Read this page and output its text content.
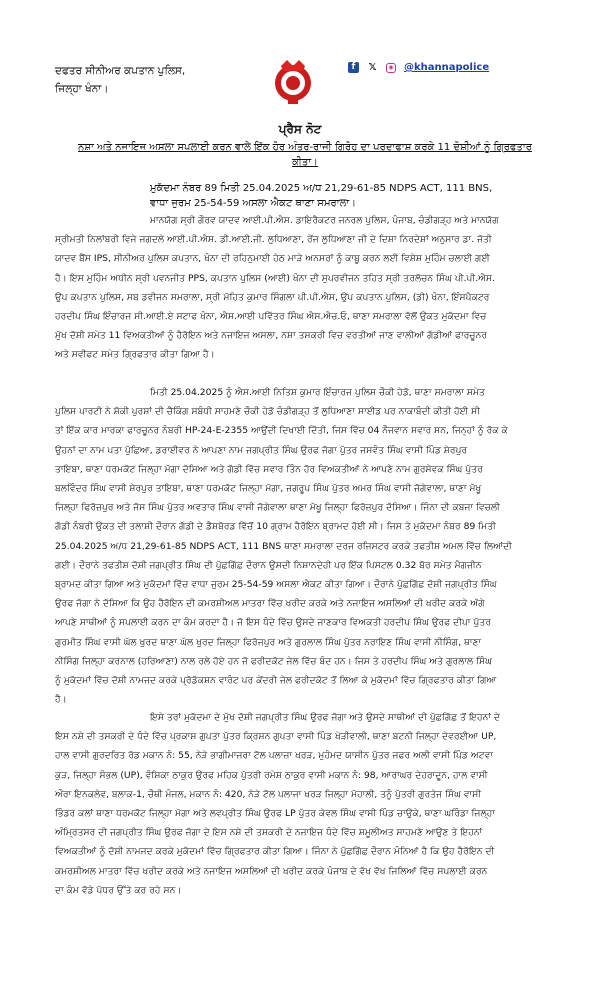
ਦਫਤਰ ਸੀਨੀਅਰ ਕਪਤਾਨ ਪੁਲਿਸ,
ਜਿਲ੍ਹਾ ਖੰਨਾ।
f	𝕏	◉ @khannapolice
ਪ੍ਰੈਸ ਨੋਟ
ਨਸ਼ਾ ਅਤੇ ਨਜਾਇਜ ਅਸਲਾ ਸਪਲਾਈ ਕਰਨ ਵਾਲੇ ਇੱਕ ਹੋਰ ਅੰਤਰ-ਰਾਜੀ ਗਿਰੋਹ ਦਾ ਪਰਦਾਫਾਸ਼ ਕਰਕੇ 11 ਦੋਸ਼ੀਆਂ ਨੂੰ ਗ੍ਰਿਫਤਾਰ
ਕੀਤਾ।
ਮੁਕੱਦਮਾ ਨੰਬਰ 89 ਮਿਤੀ 25.04.2025 ਅ/ਧ 21,29-61-85 NDPS ACT, 111 BNS,
ਵਾਧਾ ਜੁਰਮ 25-54-59 ਅਸਲਾ ਐਕਟ ਥਾਣਾ ਸਮਰਾਲਾ।
ਮਾਨਯੋਗ ਸ੍ਰੀ ਗੌਰਵ ਯਾਦਵ ਆਈ.ਪੀ.ਐਸ. ਡਾਇਰੈਕਟਰ ਜਨਰਲ ਪੁਲਿਸ, ਪੰਜਾਬ, ਚੰਡੀਗੜ੍ਹ ਅਤੇ ਮਾਨਯੋਗ
ਸ੍ਰੀਮਤੀ ਨਿਲਾਂਬਰੀ ਵਿਜੇ ਜਗਦਲੇ ਆਈ.ਪੀ.ਐਸ. ਡੀ.ਆਈ.ਜੀ. ਲੁਧਿਆਣਾ, ਰੇਂਜ ਲੁਧਿਆਣਾ ਜੀ ਦੇ ਦਿਸ਼ਾ ਨਿਰਦੇਸ਼ਾਂ ਅਨੁਸਾਰ ਡਾ. ਜੋਤੀ
ਯਾਦਵ ਬੈਂਸ IPS, ਸੀਨੀਅਰ ਪੁਲਿਸ ਕਪਤਾਨ, ਖੰਨਾ ਦੀ ਰਹਿਨੁਮਾਈ ਹੇਠ ਮਾੜੇ ਅਨਸਰਾਂ ਨੂੰ ਕਾਬੂ ਕਰਨ ਲਈ ਵਿਸ਼ੇਸ਼ ਮੁਹਿੰਮ ਚਲਾਈ ਗਈ
ਹੈ। ਇਸ ਮੁਹਿੰਮ ਅਧੀਨ ਸ੍ਰੀ ਪਵਨਜੀਤ PPS, ਕਪਤਾਨ ਪੁਲਿਸ (ਆਈ) ਖੰਨਾ ਦੀ ਸੁਪਰਵੀਜਨ ਤਹਿਤ ਸ੍ਰੀ ਤਰਲੋਚਨ ਸਿੰਘ ਪੀ.ਪੀ.ਐਸ.
ਉਪ ਕਪਤਾਨ ਪੁਲਿਸ, ਸਬ ਡਵੀਜਨ ਸਮਰਾਲਾ, ਸ੍ਰੀ ਮੋਹਿਤ ਕੁਮਾਰ ਸਿੰਗਲਾ ਪੀ.ਪੀ.ਐਸ, ਉਪ ਕਪਤਾਨ ਪੁਲਿਸ, (ਡੀ) ਖੰਨਾ, ਇੰਸਪੈਕਟਰ
ਹਰਦੀਪ ਸਿੰਘ ਇੰਚਾਰਜ ਸੀ.ਆਈ.ਏ ਸਟਾਫ ਖੰਨਾ, ਐਸ.ਆਈ ਪਵਿੱਤਰ ਸਿੰਘ ਐਸ.ਐਚ.ਓ, ਥਾਣਾ ਸਮਰਾਲਾ ਵੱਲੋਂ ਉਕਤ ਮੁਕੱਦਮਾ ਵਿਚ
ਮੁੱਖ ਦੋਸ਼ੀ ਸਮੇਤ 11 ਵਿਅਕਤੀਆਂ ਨੂੰ ਹੈਰੋਇਨ ਅਤੇ ਨਜਾਇਜ ਅਸਲਾ, ਨਸ਼ਾ ਤਸਕਰੀ ਵਿਚ ਵਰਤੀਆਂ ਜਾਣ ਵਾਲੀਆਂ ਗੱਡੀਆਂ ਫਾਰਚੂਨਰ
ਅਤੇ ਸਵੀਫਟ ਸਮੇਤ ਗ੍ਰਿਫਤਾਰ ਕੀਤਾ ਗਿਆ ਹੈ।
ਮਿਤੀ 25.04.2025 ਨੂੰ ਐਸ.ਆਈ ਨਿਤਿਸ਼ ਕੁਮਾਰ ਇੰਚਾਰਜ ਪੁਲਿਸ ਚੌਕੀ ਹੇਡੋ, ਥਾਣਾ ਸਮਰਾਲਾ ਸਮੇਤ
ਪੁਲਿਸ ਪਾਰਟੀ ਨੇ ਸ਼ੱਕੀ ਪੁਰਸ਼ਾਂ ਦੀ ਚੈਕਿੰਗ ਸਬੰਧੀ ਸਾਹਮਣੇ ਚੌਕੀ ਹੇਡੋ ਚੰਡੀਗੜ੍ਹ ਤੋਂ ਲੁਧਿਆਣਾ ਸਾਈਡ ਪਰ ਨਾਕਾਬੰਦੀ ਕੀਤੀ ਹੋਈ ਸੀ
ਤਾਂ ਇੱਕ ਕਾਰ ਮਾਰਕਾ ਫਾਰਚੂਨਰ ਨੰਬਰੀ HP-24-E-2355 ਆਉਂਦੀ ਦਿਖਾਈ ਦਿੱਤੀ, ਜਿਸ ਵਿੱਚ 04 ਨੌਜਵਾਨ ਸਵਾਰ ਸਨ, ਜਿਨ੍ਹਾਂ ਨੂੰ ਰੋਕ ਕੇ
ਉਹਨਾਂ ਦਾ ਨਾਮ ਪਤਾ ਪੁੱਛਿਆ, ਡਰਾਈਵਰ ਨੇ ਆਪਣਾ ਨਾਮ ਜਗਪ੍ਰੀਤ ਸਿੰਘ ਉਰਫ ਜੱਗਾ ਪੁੱਤਰ ਜਸਵੰਤ ਸਿੰਘ ਵਾਸੀ ਪਿੰਡ ਸ਼ੇਰਪੁਰ
ਤਾਇਬਾ, ਥਾਣਾ ਧਰਮਕੋਟ ਜਿਲ੍ਹਾ ਮੋਗਾ ਦੱਸਿਆ ਅਤੇ ਗੱਡੀ ਵਿੱਚ ਸਵਾਰ ਤਿੰਨ ਹੋਰ ਵਿਅਕਤੀਆਂ ਨੇ ਆਪਣੇ ਨਾਮ ਗੁਰਸੇਵਕ ਸਿੰਘ ਪੁੱਤਰ
ਬਲਵਿੰਦਰ ਸਿੰਘ ਵਾਸੀ ਸ਼ੇਰਪੁਰ ਤਾਇਬਾ, ਥਾਣਾ ਧਰਮਕੋਟ ਜਿਲ੍ਹਾ ਮੋਗਾ, ਜਗਰੂਪ ਸਿੰਘ ਪੁੱਤਰ ਅਮਰ ਸਿੰਘ ਵਾਸੀ ਜੋਗੇਵਾਲਾ, ਥਾਣਾ ਮੱਖੂ
ਜਿਲ੍ਹਾ ਫਿਰੋਜ਼ਪੁਰ ਅਤੇ ਜੱਸ ਸਿੰਘ ਪੁੱਤਰ ਅਵਤਾਰ ਸਿੰਘ ਵਾਸੀ ਜੋਗੇਵਾਲਾ ਥਾਣਾ ਮੱਖੂ ਜਿਲ੍ਹਾ ਫਿਰੋਜ਼ਪੁਰ ਦੱਸਿਆ। ਜਿੰਨਾ ਦੀ ਕਬਜਾ ਵਿਚਲੀ
ਗੱਡੀ ਨੰਬਰੀ ਉਕਤ ਦੀ ਤਲਾਸ਼ੀ ਦੌਰਾਨ ਗੱਡੀ ਦੇ ਡੈਸ਼ਬੋਰਡ ਵਿੱਚੋਂ 10 ਗ੍ਰਾਮ ਹੈਰੋਇਨ ਬ੍ਰਾਮਦ ਹੋਈ ਸੀ। ਜਿਸ ਤੇ ਮੁਕੱਦਮਾ ਨੰਬਰ 89 ਮਿਤੀ
25.04.2025 ਅ/ਧ 21,29-61-85 NDPS ACT, 111 BNS ਥਾਣਾ ਸਮਰਾਲਾ ਦਰਜ ਰਜਿਸਟਰ ਕਰਕੇ ਤਫਤੀਸ਼ ਅਮਲ ਵਿੱਚ ਲਿਆਂਦੀ
ਗਈ। ਦੌਰਾਨੇ ਤਫਤੀਸ਼ ਦੋਸ਼ੀ ਜਗਪ੍ਰੀਤ ਸਿੰਘ ਦੀ ਪੁੱਛਗਿੱਛ ਦੌਰਾਨ ਉਸਦੀ ਨਿਸ਼ਾਨਦੇਹੀ ਪਰ ਇੱਕ ਪਿਸਟਲ 0.32 ਬੋਰ ਸਮੇਤ ਮੈਗਜੀਨ
ਬ੍ਰਾਮਦ ਕੀਤਾ ਗਿਆ ਅਤੇ ਮੁਕੱਦਮਾਂ ਵਿੱਚ ਵਾਧਾ ਜੁਰਮ 25-54-59 ਅਸਲਾ ਐਕਟ ਕੀਤਾ ਗਿਆ। ਦੌਰਾਨੇ ਪੁੱਛਗਿੱਛ ਦੋਸ਼ੀ ਜਗਪ੍ਰੀਤ ਸਿੰਘ
ਉਰਫ ਜੱਗਾ ਨੇ ਦੱਸਿਆ ਕਿ ਉਹ ਹੈਰੋਇਨ ਦੀ ਕਮਰਸ਼ੀਅਲ ਮਾਤਰਾ ਵਿੱਚ ਖਰੀਦ ਕਰਕੇ ਅਤੇ ਨਜਾਇਜ ਅਸਲਿਆਂ ਦੀ ਖਰੀਦ ਕਰਕੇ ਅੱਗੇ
ਆਪਣੇ ਸਾਥੀਆਂ ਨੂੰ ਸਪਲਾਈ ਕਰਨ ਦਾ ਕੰਮ ਕਰਦਾ ਹੈ। ਜੋ ਇਸ ਧੰਦੇ ਵਿੱਚ ਉਸਦੇ ਜਾਣਕਾਰ ਵਿਅਕਤੀ ਹਰਦੀਪ ਸਿੰਘ ਉਰਫ ਦੀਪਾ ਪੁੱਤਰ
ਗੁਰਮੀਤ ਸਿੰਘ ਵਾਸੀ ਘੱਲ ਖੁਰਦ ਥਾਣਾ ਘੱਲ ਖੁਰਦ ਜਿਲ੍ਹਾ ਫਿਰੋਜਪੁਰ ਅਤੇ ਗੁਰਲਾਲ ਸਿੰਘ ਪੁੱਤਰ ਨਰਾਇਣ ਸਿੰਘ ਵਾਸੀ ਨੀਸਿੰਗ, ਥਾਣਾ
ਨੀਸਿੰਗ ਜਿਲ੍ਹਾ ਕਰਨਾਲ (ਹਰਿਆਣਾ) ਨਾਲ ਰਲੇ ਹੋਏ ਹਨ ਜੋ ਫਰੀਦਕੋਟ ਜੇਲ ਵਿੱਚ ਬੰਦ ਹਨ। ਜਿਸ ਤੇ ਹਰਦੀਪ ਸਿੰਘ ਅਤੇ ਗੁਰਲਾਲ ਸਿੰਘ
ਨੂੰ ਮੁਕੱਦਮਾਂ ਵਿੱਚ ਦੋਸ਼ੀ ਨਾਮਜਦ ਕਰਕੇ ਪ੍ਰੋਡੱਕਸ਼ਨ ਵਾਰੰਟ ਪਰ ਕੇਂਦਰੀ ਜੇਲ ਫਰੀਦਕੋਟ ਤੋਂ ਲਿਆ ਕੇ ਮੁਕੱਦਮਾਂ ਵਿੱਚ ਗ੍ਰਿਫਤਾਰ ਕੀਤਾ ਗਿਆ
ਹੈ।
ਇਸੇ ਤਰਾਂ ਮੁਕੱਦਮਾ ਦੇ ਮੁੱਖ ਦੋਸ਼ੀ ਜਗਪ੍ਰੀਤ ਸਿੰਘ ਉਰਫ ਜੱਗਾ ਅਤੇ ਉਸਦੇ ਸਾਥੀਆਂ ਦੀ ਪੁੱਛਗਿੱਛ ਤੋਂ ਇਹਨਾਂ ਦੇ
ਇਸ ਨਸ਼ੇ ਦੀ ਤਸਕਰੀ ਦੇ ਧੰਦੇ ਵਿੱਚ ਪ੍ਰਕਾਸ਼ ਗੁਪਤਾ ਪੁੱਤਰ ਕ੍ਰਿਸ਼ਨ ਗੁਪਤਾ ਵਾਸੀ ਪਿੰਡ ਖੇੜੀਵਾਲੀ, ਥਾਣਾ ਬਟਨੀ ਜਿਲ੍ਹਾ ਦੇਵਰਈਆ UP,
ਹਾਲ ਵਾਸੀ ਗੁਰਦਰਿਤ ਰੋਡ ਮਕਾਨ ਨੰ: 55, ਨੇੜੇ ਭਾਗੀਮਾਜਰਾ ਟੋਲ ਪਲਾਜ਼ਾ ਖਰੜ, ਮੁਹੰਮਦ ਯਾਸੀਨ ਪੁੱਤਰ ਜਫਰ ਅਲੀ ਵਾਸੀ ਪਿੰਡ ਅਟਵਾ
ਕੁੜ, ਜਿਲ੍ਹਾ ਸੰਭਲ (UP), ਵੰਸ਼ਿਕਾ ਠਾਕੁਰ ਉਰਫ ਮਹਿਕ ਪੁੱਤਰੀ ਰਮੇਸ਼ ਠਾਕੁਰ ਵਾਸੀ ਮਕਾਨ ਨੰ: 98, ਆਰਾਘਰ ਦੇਹਰਾਦੂਨ, ਹਾਲ ਵਾਸੀ
ਔਰਾ ਇਨਕਲੇਵ, ਬਲਾਕ-1, ਚੌਥੀ ਮੰਜਲ, ਮਕਾਨ ਨੰ: 420, ਨੇੜੇ ਟੋਲ ਪਲਾਜਾ ਖਰੜ ਜਿਲ੍ਹਾ ਮੋਹਾਲੀ, ਤਨੂੰ ਪੁੱਤਰੀ ਗੁਰਤੇਜ ਸਿੰਘ ਵਾਸੀ
ਭਿੰਡਰ ਕਲਾਂ ਥਾਣਾ ਧਰਮਕੋਟ ਜਿਲ੍ਹਾ ਮੋਗਾ ਅਤੇ ਲਵਪ੍ਰੀਤ ਸਿੰਘ ਉਰਫ LP ਪੁੱਤਰ ਕੇਵਲ ਸਿੰਘ ਵਾਸੀ ਪਿੰਡ ਚਾਉਕੇ, ਥਾਣਾ ਘਰਿੰਡਾ ਜਿਲ੍ਹਾ
ਅੰਮ੍ਰਿਤਸਰ ਦੀ ਜਗਪ੍ਰੀਤ ਸਿੰਘ ਉਰਫ ਜੱਗਾ ਦੇ ਇਸ ਨਸ਼ੇ ਦੀ ਤਸਕਰੀ ਦੇ ਨਜਾਇਜ ਧੰਦੇ ਵਿੱਚ ਸ਼ਮੂਲੀਅਤ ਸਾਹਮਣੇ ਆਉਣ ਤੇ ਇਹਨਾਂ
ਵਿਅਕਤੀਆਂ ਨੂੰ ਦੋਸ਼ੀ ਨਾਮਜਦ ਕਰਕੇ ਮੁਕੱਦਮਾਂ ਵਿੱਚ ਗ੍ਰਿਫਤਾਰ ਕੀਤਾ ਗਿਆ। ਜਿੰਨਾ ਨੇ ਪੁੱਛਗਿੱਛ ਦੌਰਾਨ ਮੰਨਿਆਂ ਹੈ ਕਿ ਉਹ ਹੈਰੋਇਨ ਦੀ
ਕਮਰਸ਼ੀਅਲ ਮਾਤਰਾ ਵਿੱਚ ਖਰੀਦ ਕਰਕੇ ਅਤੇ ਨਜਾਇਜ ਅਸਲਿਆਂ ਦੀ ਖਰੀਦ ਕਰਕੇ ਪੰਜਾਬ ਦੇ ਵੱਖ ਵੱਖ ਜਿਲਿਆਂ ਵਿੱਚ ਸਪਲਾਈ ਕਰਨ
ਦਾ ਕੰਮ ਵੱਡੇ ਪੱਧਰ ਉੱਤੇ ਕਰ ਰਹੇ ਸਨ।
